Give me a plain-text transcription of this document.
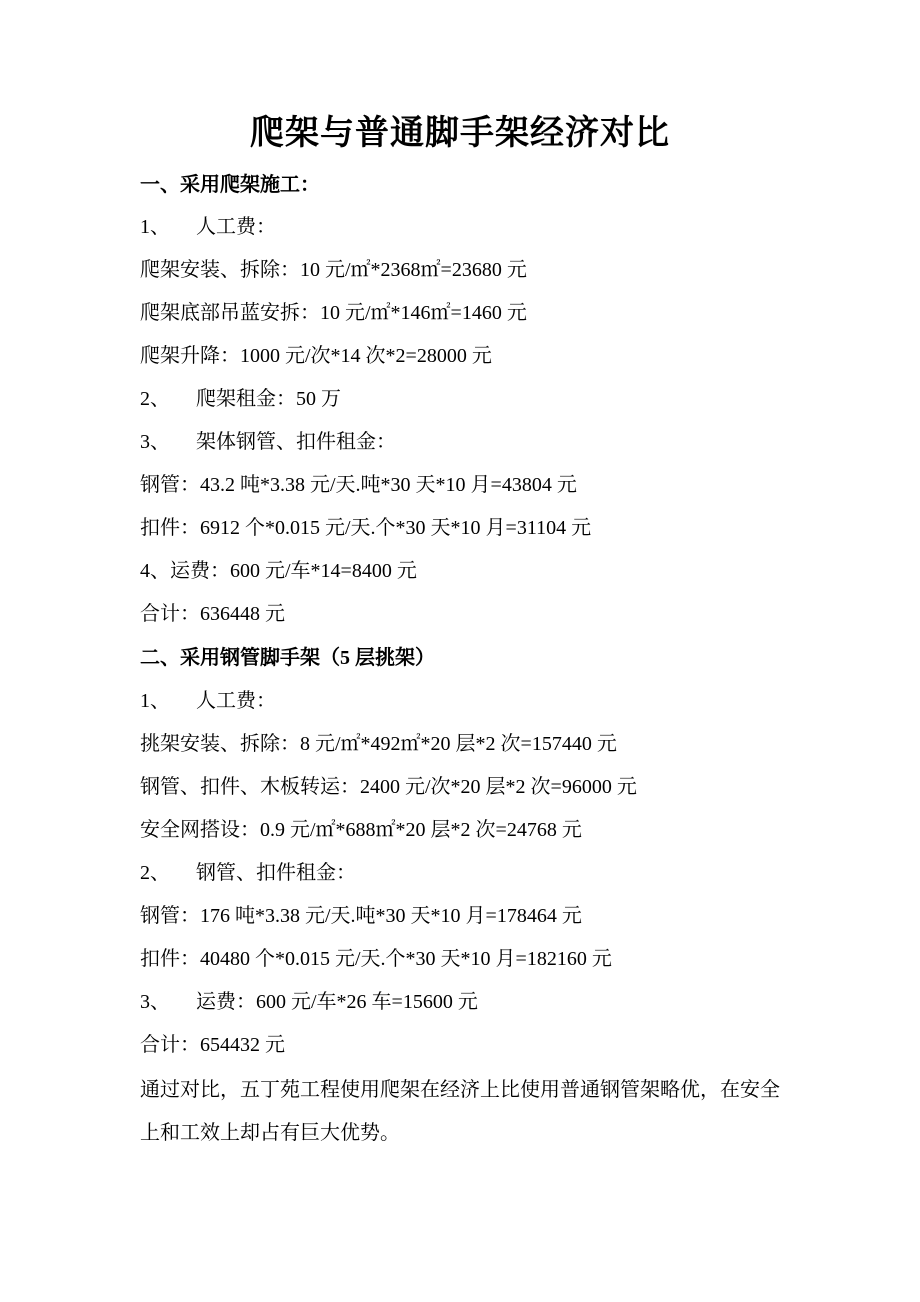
爬架与普通脚手架经济对比
一、采用爬架施工：
1、 人工费：
爬架安装、拆除：10 元/㎡*2368㎡=23680 元
爬架底部吊蓝安拆：10 元/㎡*146㎡=1460 元
爬架升降：1000 元/次*14 次*2=28000 元
2、 爬架租金：50 万
3、 架体钢管、扣件租金：
钢管：43.2 吨*3.38 元/天.吨*30 天*10 月=43804 元
扣件：6912 个*0.015 元/天.个*30 天*10 月=31104 元
4、运费：600 元/车*14=8400 元
合计：636448 元
二、采用钢管脚手架（5 层挑架）
1、 人工费：
挑架安装、拆除：8 元/㎡*492㎡*20 层*2 次=157440 元
钢管、扣件、木板转运：2400 元/次*20 层*2 次=96000 元
安全网搭设：0.9 元/㎡*688㎡*20 层*2 次=24768 元
2、 钢管、扣件租金：
钢管：176 吨*3.38 元/天.吨*30 天*10 月=178464 元
扣件：40480 个*0.015 元/天.个*30 天*10 月=182160 元
3、 运费：600 元/车*26 车=15600 元
合计：654432 元
通过对比，五丁苑工程使用爬架在经济上比使用普通钢管架略优，在安全上和工效上却占有巨大优势。
